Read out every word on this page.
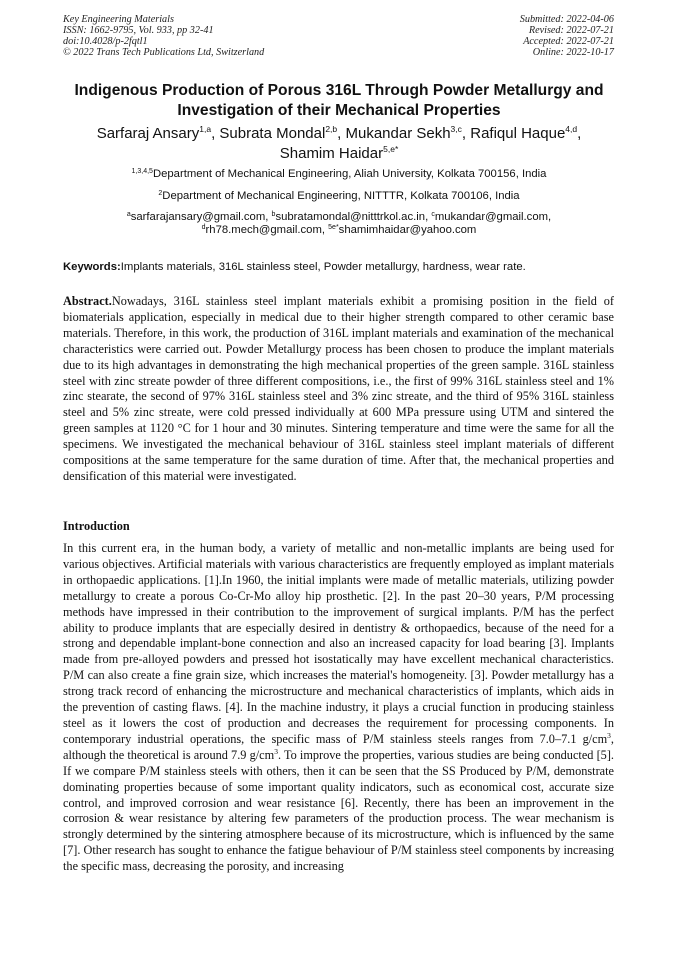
Key Engineering Materials
ISSN: 1662-9795, Vol. 933, pp 32-41
doi:10.4028/p-2fqtl1
© 2022 Trans Tech Publications Ltd, Switzerland
Submitted: 2022-04-06
Revised: 2022-07-21
Accepted: 2022-07-21
Online: 2022-10-17
Indigenous Production of Porous 316L Through Powder Metallurgy and
Investigation of their Mechanical Properties
Sarfaraj Ansary$^{1,a}$, Subrata Mondal$^{2,b}$, Mukandar Sekh$^{3,c}$, Rafiqul Haque$^{4,d}$,
Shamim Haidar$^{5,e*}$
$^{1,3,4,5}$Department of Mechanical Engineering, Aliah University, Kolkata 700156, India
$^2$Department of Mechanical Engineering, NITTTR, Kolkata 700106, India
$^a$sarfarajansary@gmail.com, $^b$subratamondal@nitttrkol.ac.in, $^c$mukandar@gmail.com,
$^d$rh78.mech@gmail.com, $^{5e*}$shamimhaidar@yahoo.com
Keywords:Implants materials, 316L stainless steel, Powder metallurgy, hardness, wear rate.
Abstract.Nowadays, 316L stainless steel implant materials exhibit a promising position in the field of biomaterials application, especially in medical due to their higher strength compared to other ceramic base materials. Therefore, in this work, the production of 316L implant materials and examination of the mechanical characteristics were carried out. Powder Metallurgy process has been chosen to produce the implant materials due to its high advantages in demonstrating the high mechanical properties of the green sample. 316L stainless steel with zinc streate powder of three different compositions, i.e., the first of 99% 316L stainless steel and 1% zinc stearate, the second of 97% 316L stainless steel and 3% zinc streate, and the third of 95% 316L stainless steel and 5% zinc streate, were cold pressed individually at 600 MPa pressure using UTM and sintered the green samples at 1120 °C for 1 hour and 30 minutes. Sintering temperature and time were the same for all the specimens. We investigated the mechanical behaviour of 316L stainless steel implant materials of different compositions at the same temperature for the same duration of time. After that, the mechanical properties and densification of this material were investigated.
Introduction
In this current era, in the human body, a variety of metallic and non-metallic implants are being used for various objectives. Artificial materials with various characteristics are frequently employed as implant materials in orthopaedic applications. [1].In 1960, the initial implants were made of metallic materials, utilizing powder metallurgy to create a porous Co-Cr-Mo alloy hip prosthetic. [2]. In the past 20–30 years, P/M processing methods have impressed in their contribution to the improvement of surgical implants. P/M has the perfect ability to produce implants that are especially desired in dentistry & orthopaedics, because of the need for a strong and dependable implant-bone connection and also an increased capacity for load bearing [3]. Implants made from pre-alloyed powders and pressed hot isostatically may have excellent mechanical characteristics. P/M can also create a fine grain size, which increases the material's homogeneity. [3]. Powder metallurgy has a strong track record of enhancing the microstructure and mechanical characteristics of implants, which aids in the prevention of casting flaws. [4]. In the machine industry, it plays a crucial function in producing stainless steel as it lowers the cost of production and decreases the requirement for processing components. In contemporary industrial operations, the specific mass of P/M stainless steels ranges from 7.0–7.1 $g/cm^3$, although the theoretical is around 7.9 $g/cm^3$. To improve the properties, various studies are being conducted [5]. If we compare P/M stainless steels with others, then it can be seen that the SS Produced by P/M, demonstrate dominating properties because of some important quality indicators, such as economical cost, accurate size control, and improved corrosion and wear resistance [6]. Recently, there has been an improvement in the corrosion & wear resistance by altering few parameters of the production process. The wear mechanism is strongly determined by the sintering atmosphere because of its microstructure, which is influenced by the same [7]. Other research has sought to enhance the fatigue behaviour of P/M stainless steel components by increasing the specific mass, decreasing the porosity, and increasing
